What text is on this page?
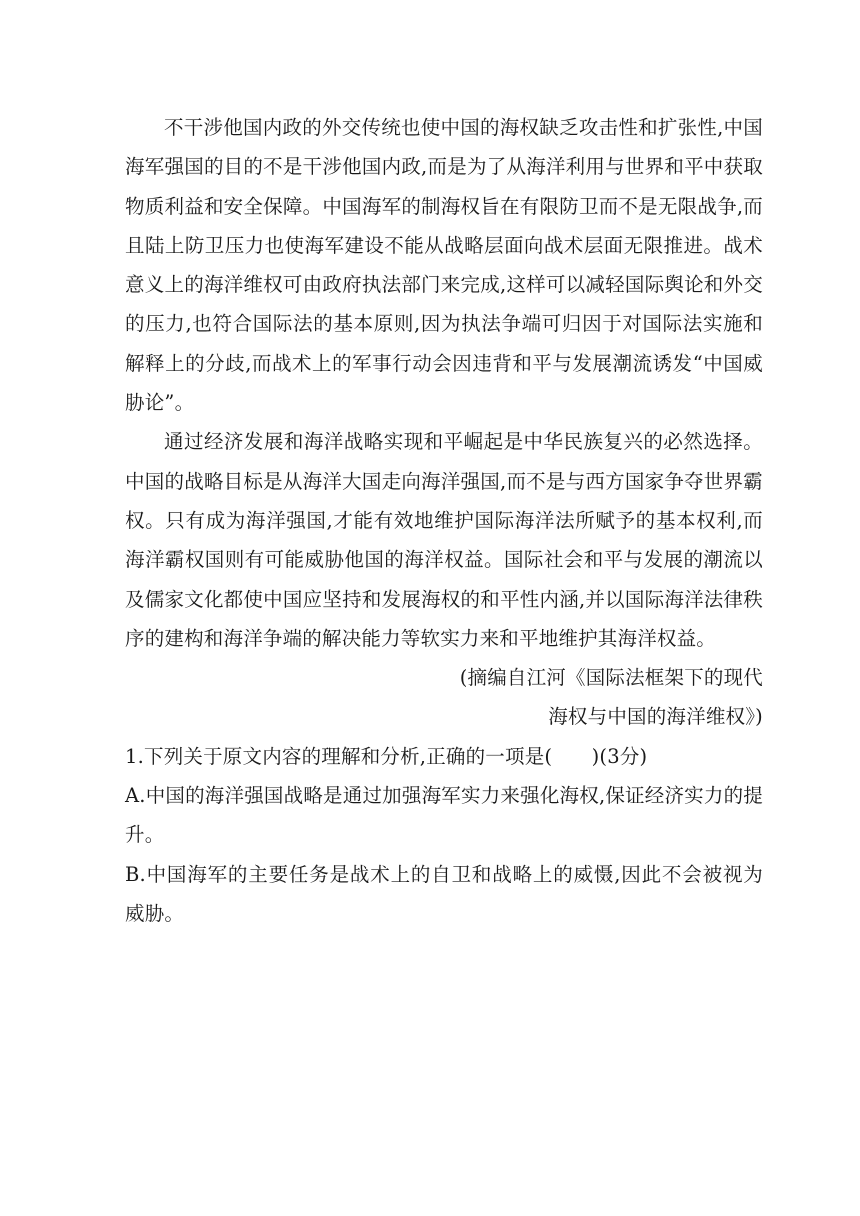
不干涉他国内政的外交传统也使中国的海权缺乏攻击性和扩张性,中国海军强国的目的不是干涉他国内政,而是为了从海洋利用与世界和平中获取物质利益和安全保障。中国海军的制海权旨在有限防卫而不是无限战争,而且陆上防卫压力也使海军建设不能从战略层面向战术层面无限推进。战术意义上的海洋维权可由政府执法部门来完成,这样可以减轻国际舆论和外交的压力,也符合国际法的基本原则,因为执法争端可归因于对国际法实施和解释上的分歧,而战术上的军事行动会因违背和平与发展潮流诱发“中国威胁论”。

通过经济发展和海洋战略实现和平崛起是中华民族复兴的必然选择。中国的战略目标是从海洋大国走向海洋强国,而不是与西方国家争夺世界霸权。只有成为海洋强国,才能有效地维护国际海洋法所赋予的基本权利,而海洋霸权国则有可能威胁他国的海洋权益。国际社会和平与发展的潮流以及儒家文化都使中国应坚持和发展海权的和平性内涵,并以国际海洋法律秩序的建构和海洋争端的解决能力等软实力来和平地维护其海洋权益。

(摘编自江河《国际法框架下的现代

海权与中国的海洋维权》)

1.下列关于原文内容的理解和分析,正确的一项是(　　)(3分)

A.中国的海洋强国战略是通过加强海军实力来强化海权,保证经济实力的提升。

B.中国海军的主要任务是战术上的自卫和战略上的威慑,因此不会被视为威胁。
